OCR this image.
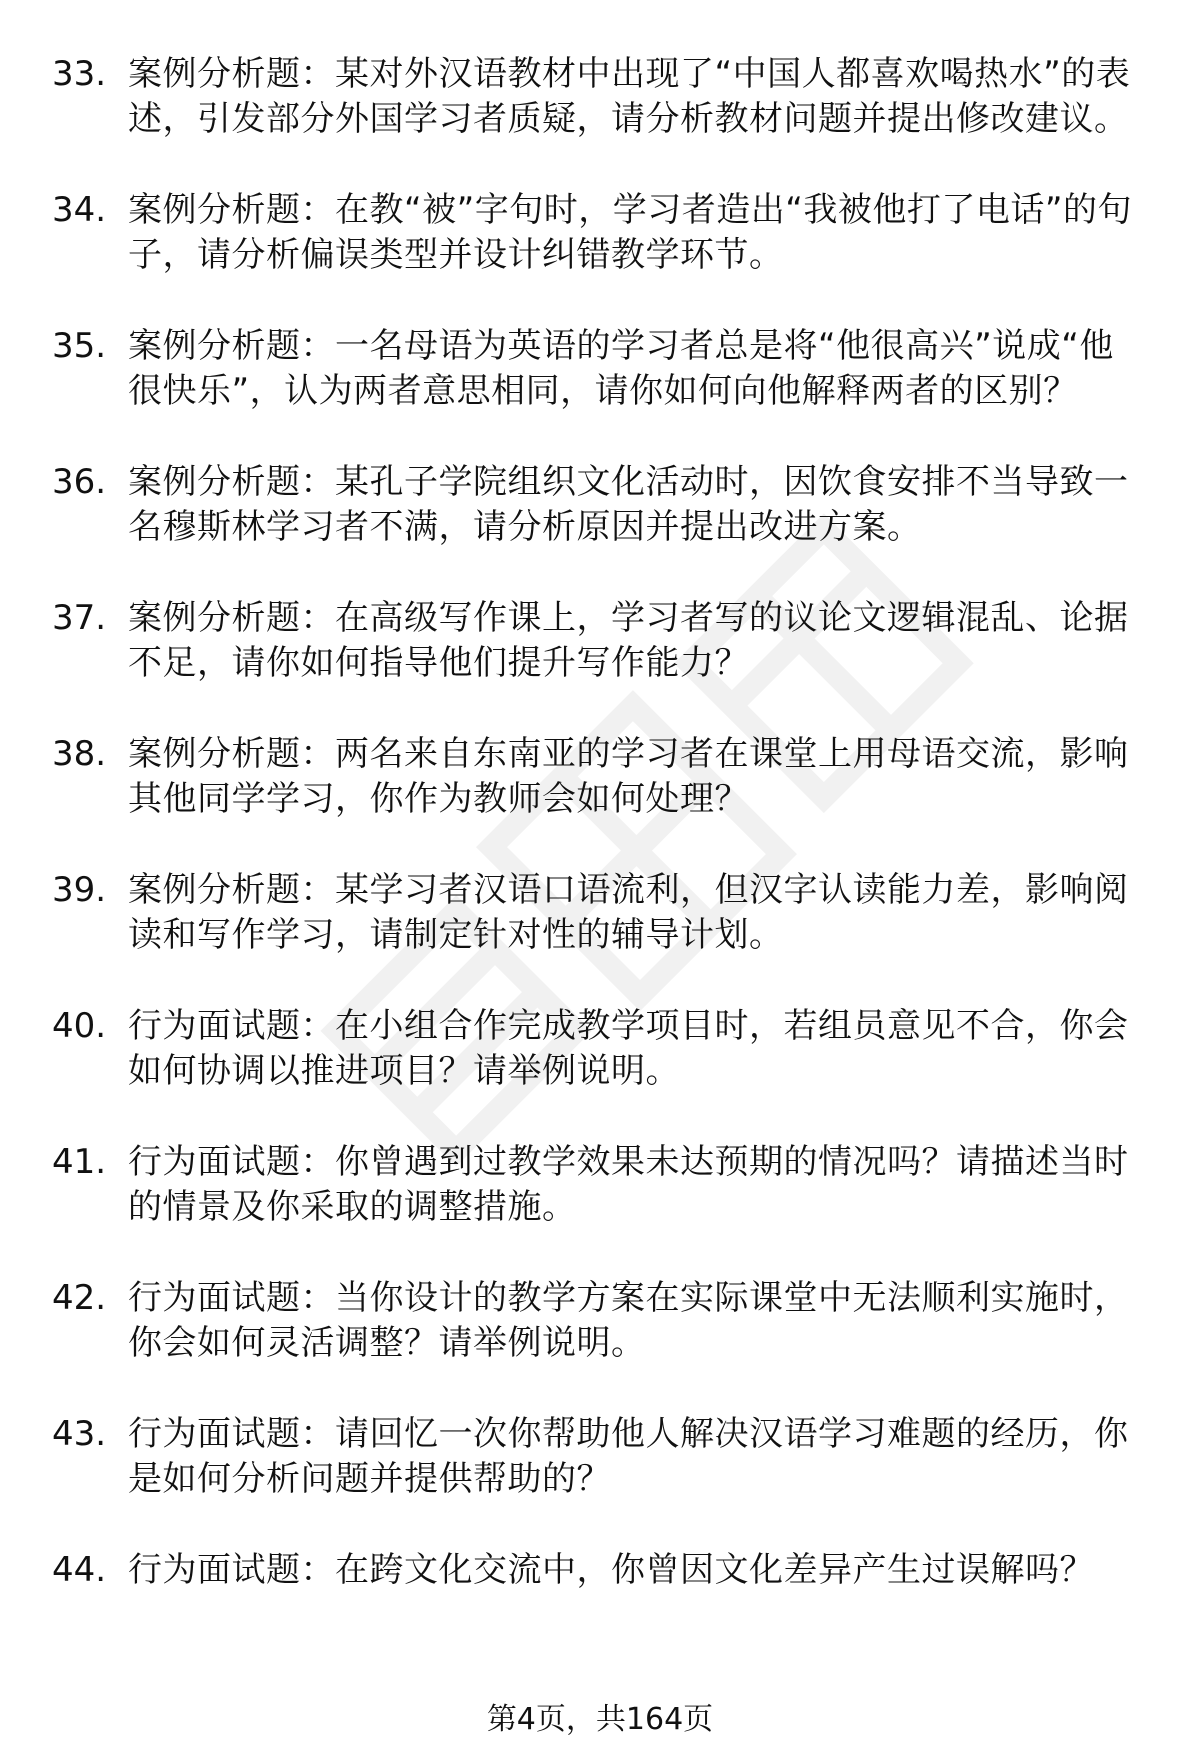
33. 案例分析题：某对外汉语教材中出现了“中国人都喜欢喝热水”的表述，引发部分外国学习者质疑，请分析教材问题并提出修改建议。
34. 案例分析题：在教“被”字句时，学习者造出“我被他打了电话”的句子，请分析偏误类型并设计纠错教学环节。
35. 案例分析题：一名母语为英语的学习者总是将“他很高兴”说成“他很快乐”，认为两者意思相同，请你如何向他解释两者的区别？
36. 案例分析题：某孔子学院组织文化活动时，因饮食安排不当导致一名穆斯林学习者不满，请分析原因并提出改进方案。
37. 案例分析题：在高级写作课上，学习者写的议论文逻辑混乱、论据不足，请你如何指导他们提升写作能力？
38. 案例分析题：两名来自东南亚的学习者在课堂上用母语交流，影响其他同学学习，你作为教师会如何处理？
39. 案例分析题：某学习者汉语口语流利，但汉字认读能力差，影响阅读和写作学习，请制定针对性的辅导计划。
40. 行为面试题：在小组合作完成教学项目时，若组员意见不合，你会如何协调以推进项目？请举例说明。
41. 行为面试题：你曾遇到过教学效果未达预期的情况吗？请描述当时的情景及你采取的调整措施。
42. 行为面试题：当你设计的教学方案在实际课堂中无法顺利实施时，你会如何灵活调整？请举例说明。
43. 行为面试题：请回忆一次你帮助他人解决汉语学习难题的经历，你是如何分析问题并提供帮助的？
44. 行为面试题：在跨文化交流中，你曾因文化差异产生过误解吗？
第4页，共164页
